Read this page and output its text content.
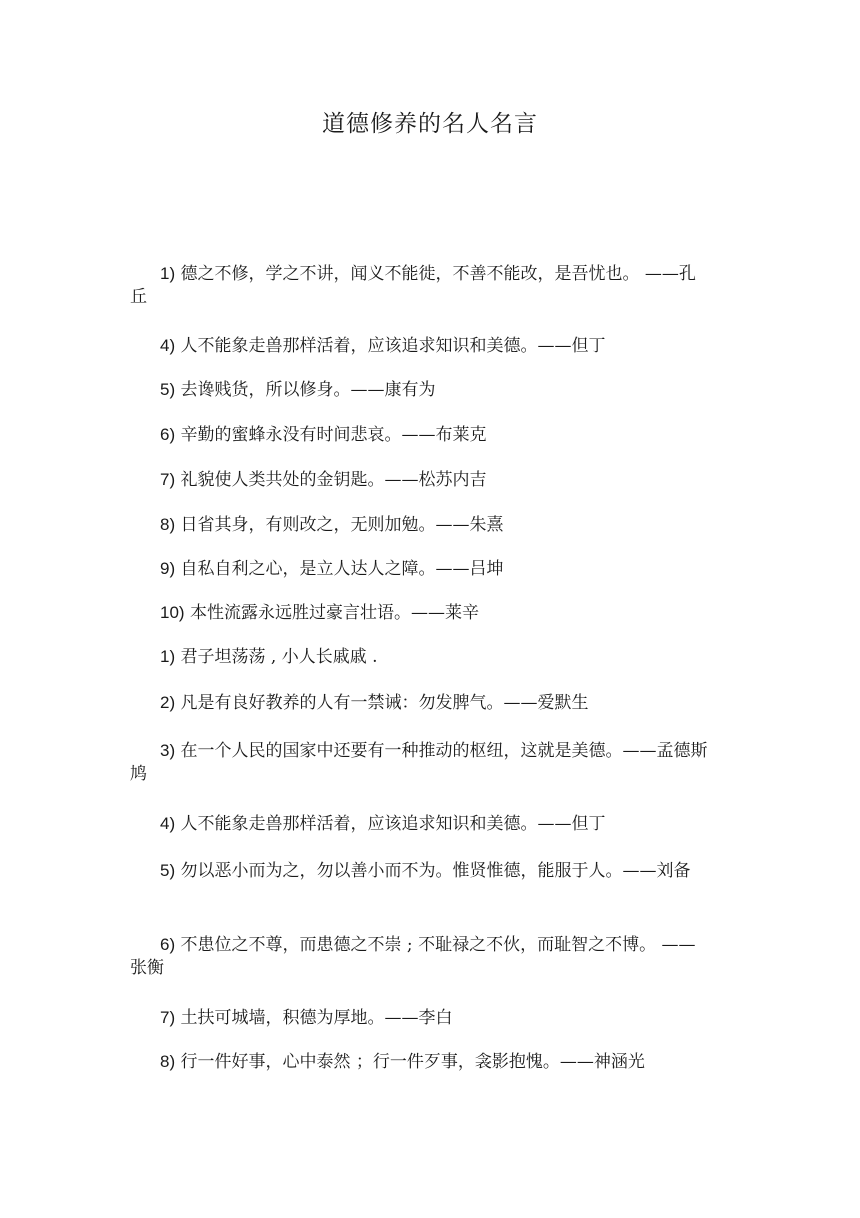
道德修养的名人名言

1) 德之不修，学之不讲，闻义不能徙，不善不能改，是吾忧也。 ——孔丘

4) 人不能象走兽那样活着，应该追求知识和美德。——但丁

5) 去谗贱货，所以修身。——康有为

6) 辛勤的蜜蜂永没有时间悲哀。——布莱克

7) 礼貌使人类共处的金钥匙。——松苏内吉

8) 日省其身，有则改之，无则加勉。——朱熹

9) 自私自利之心，是立人达人之障。——吕坤

10) 本性流露永远胜过豪言壮语。——莱辛

1) 君子坦荡荡 , 小人长戚戚 .

2) 凡是有良好教养的人有一禁诫：勿发脾气。——爱默生

3) 在一个人民的国家中还要有一种推动的枢纽，这就是美德。——孟德斯鸠

4) 人不能象走兽那样活着，应该追求知识和美德。——但丁

5) 勿以恶小而为之，勿以善小而不为。惟贤惟德，能服于人。——刘备

6) 不患位之不尊，而患德之不崇 ; 不耻禄之不伙，而耻智之不博。 ——张衡

7) 土扶可城墙，积德为厚地。——李白

8) 行一件好事，心中泰然 ；行一件歹事，衾影抱愧。——神涵光
